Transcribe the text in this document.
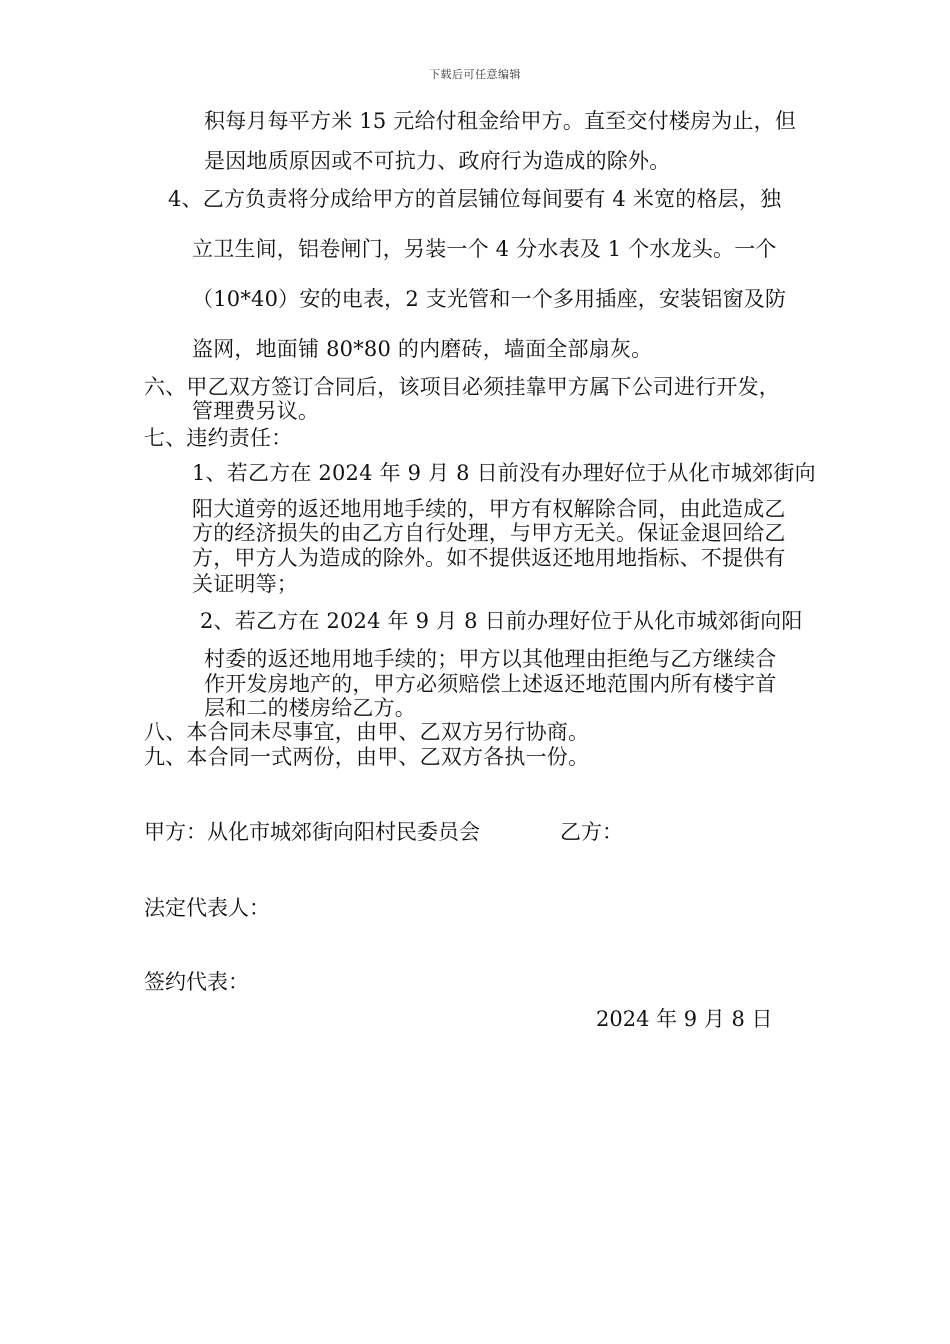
下载后可任意编辑
积每月每平方米 15 元给付租金给甲方。直至交付楼房为止，但
是因地质原因或不可抗力、政府行为造成的除外。
4、乙方负责将分成给甲方的首层铺位每间要有 4 米宽的格层，独
立卫生间，铝卷闸门，另装一个 4 分水表及 1 个水龙头。一个
（10*40）安的电表，2 支光管和一个多用插座，安装铝窗及防
盗网，地面铺 80*80 的内磨砖，墙面全部扇灰。
六、甲乙双方签订合同后，该项目必须挂靠甲方属下公司进行开发，
管理费另议。
七、违约责任：
1、若乙方在 2024 年 9 月 8 日前没有办理好位于从化市城郊街向
阳大道旁的返还地用地手续的，甲方有权解除合同，由此造成乙
方的经济损失的由乙方自行处理，与甲方无关。保证金退回给乙
方，甲方人为造成的除外。如不提供返还地用地指标、不提供有
关证明等；
2、若乙方在 2024 年 9 月 8 日前办理好位于从化市城郊街向阳
村委的返还地用地手续的；甲方以其他理由拒绝与乙方继续合
作开发房地产的，甲方必须赔偿上述返还地范围内所有楼宇首
层和二的楼房给乙方。
八、本合同未尽事宜，由甲、乙双方另行协商。
九、本合同一式两份，由甲、乙双方各执一份。
甲方：从化市城郊街向阳村民委员会	乙方：
法定代表人：
签约代表：
2024 年 9 月 8 日
